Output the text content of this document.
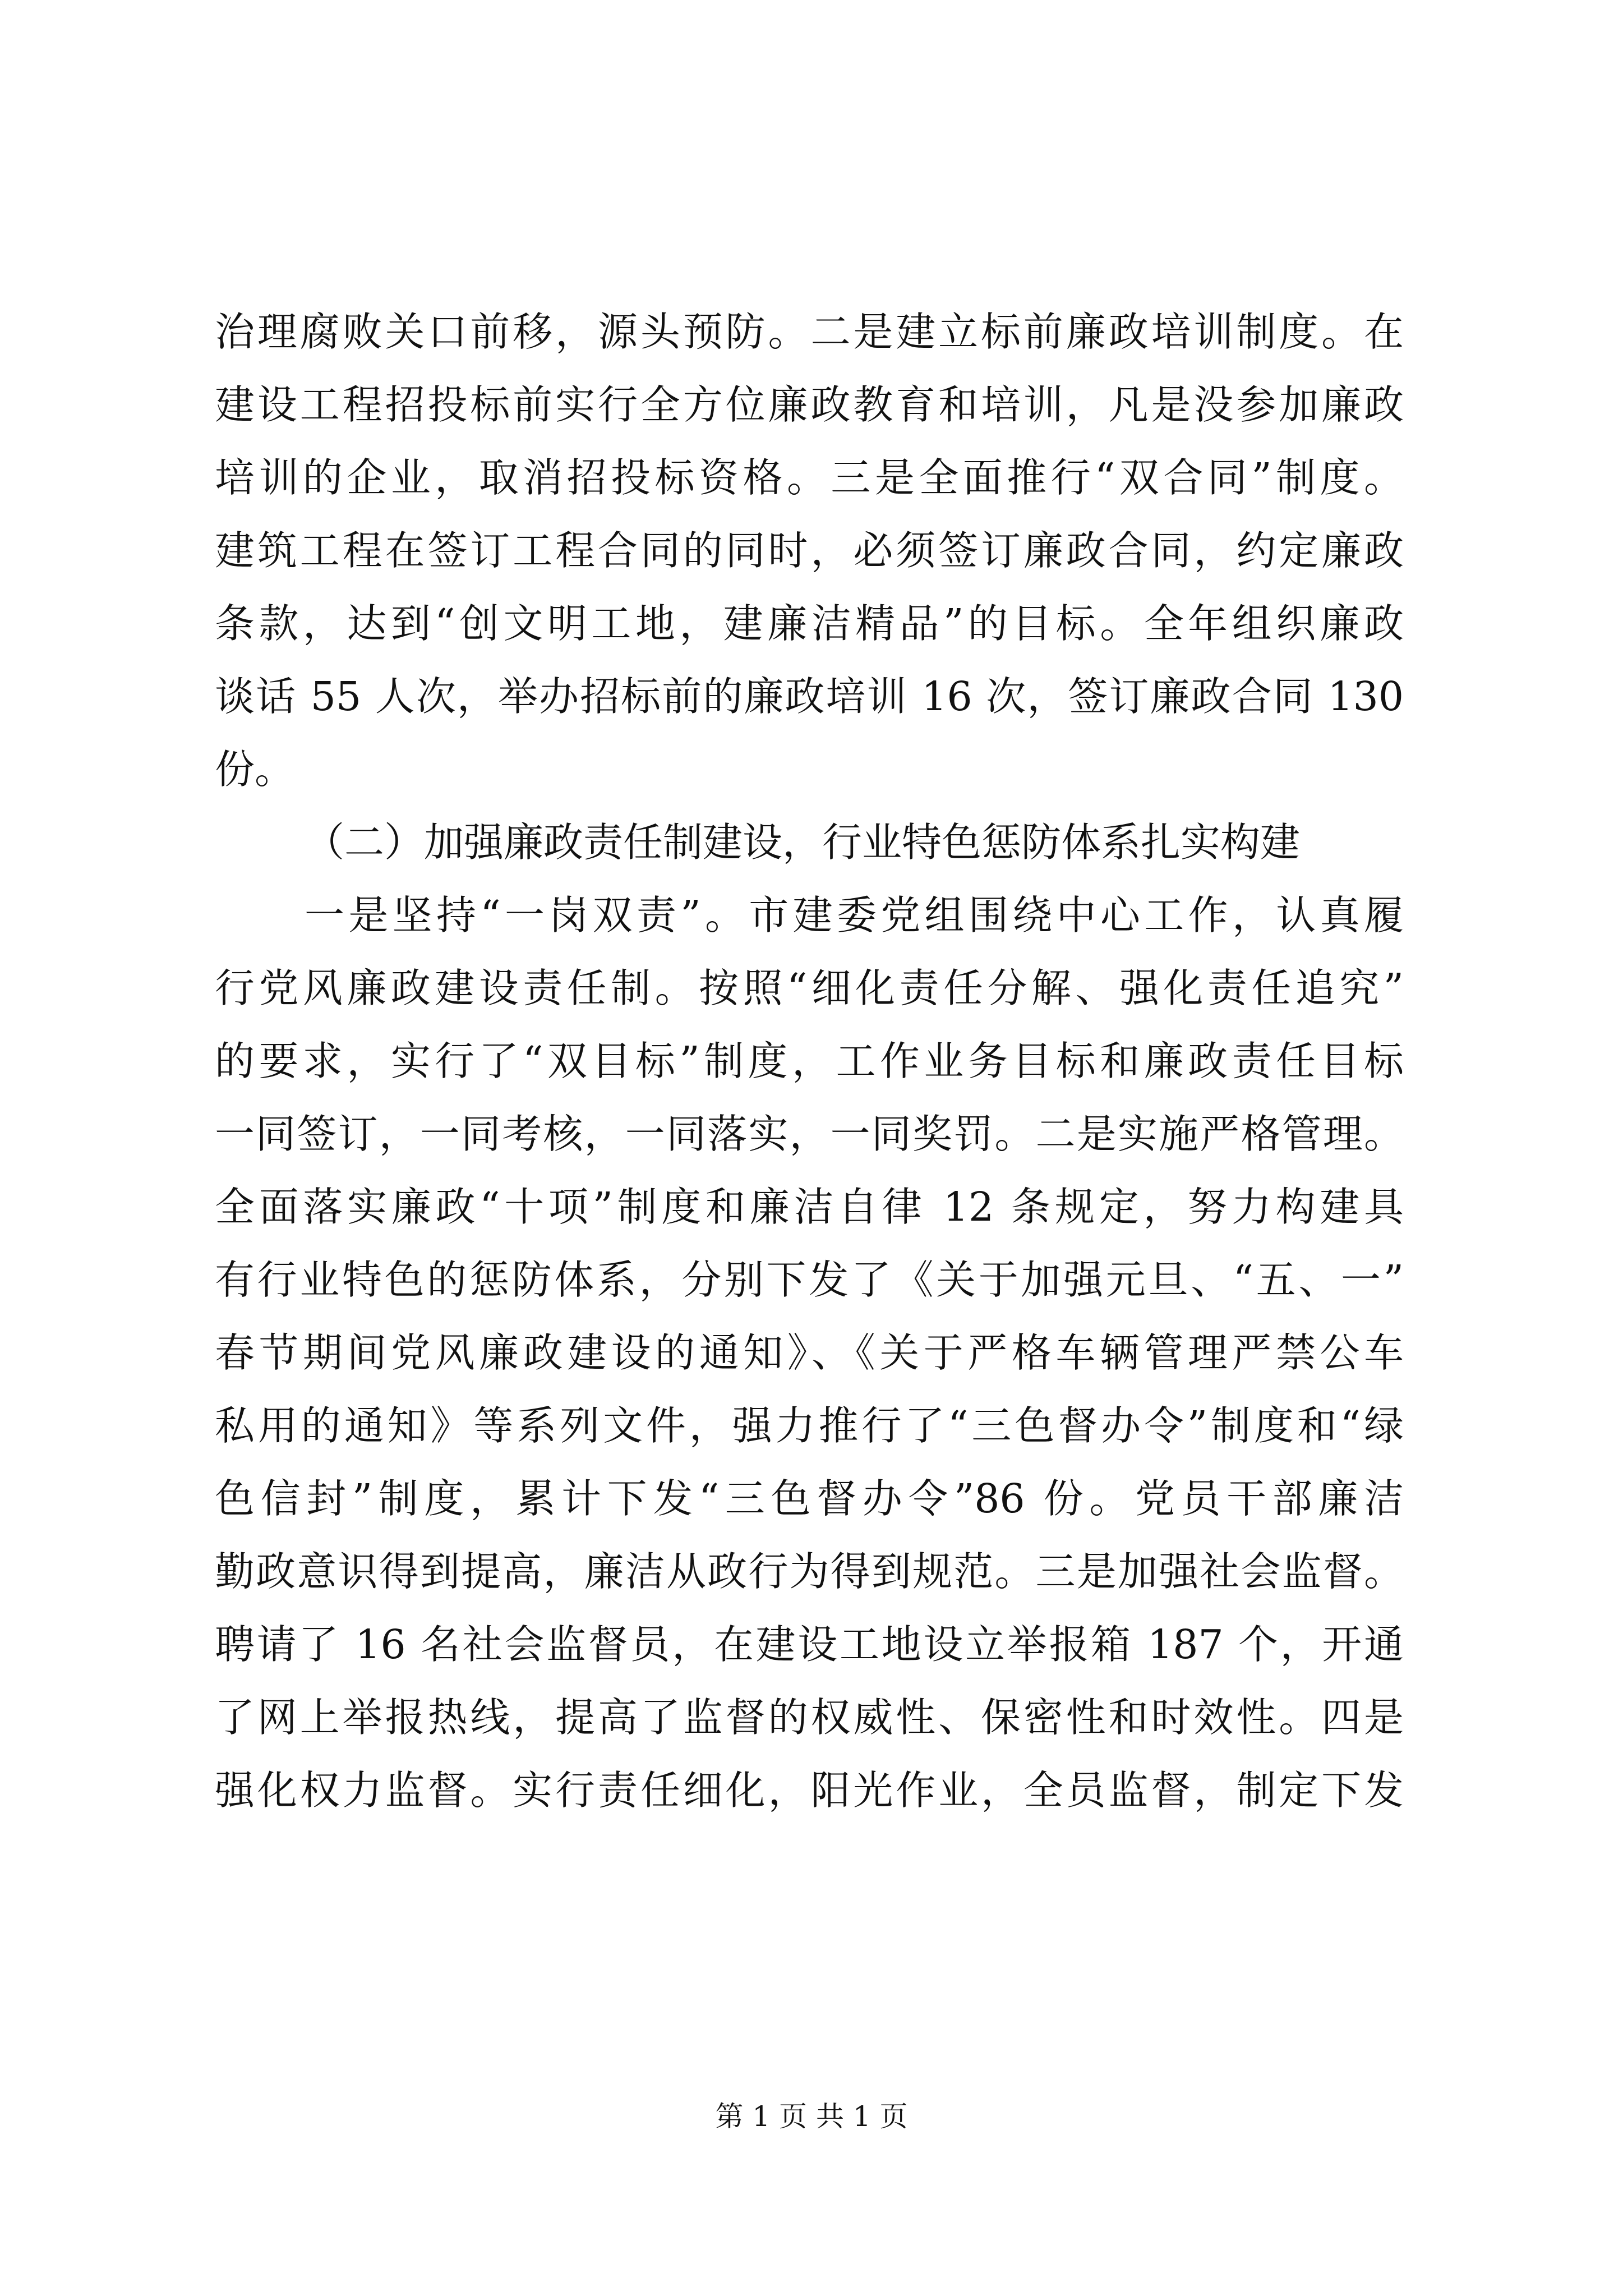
治理腐败关口前移，源头预防。二是建立标前廉政培训制度。在
建设工程招投标前实行全方位廉政教育和培训，凡是没参加廉政
培训的企业，取消招投标资格。三是全面推行“双合同”制度。
建筑工程在签订工程合同的同时，必须签订廉政合同，约定廉政
条款，达到“创文明工地，建廉洁精品”的目标。全年组织廉政
谈话 55 人次，举办招标前的廉政培训 16 次，签订廉政合同 130
份。
（二）加强廉政责任制建设，行业特色惩防体系扎实构建
一是坚持“一岗双责”。市建委党组围绕中心工作，认真履
行党风廉政建设责任制。按照“细化责任分解、强化责任追究”
的要求，实行了“双目标”制度，工作业务目标和廉政责任目标
一同签订，一同考核，一同落实，一同奖罚。二是实施严格管理。
全面落实廉政“十项”制度和廉洁自律 12 条规定，努力构建具
有行业特色的惩防体系，分别下发了《关于加强元旦、“五、一”
春节期间党风廉政建设的通知》、《关于严格车辆管理严禁公车
私用的通知》等系列文件，强力推行了“三色督办令”制度和“绿
色信封”制度，累计下发“三色督办令”86 份。党员干部廉洁
勤政意识得到提高，廉洁从政行为得到规范。三是加强社会监督。
聘请了 16 名社会监督员，在建设工地设立举报箱 187 个，开通
了网上举报热线，提高了监督的权威性、保密性和时效性。四是
强化权力监督。实行责任细化，阳光作业，全员监督，制定下发
第 1 页 共 1 页
